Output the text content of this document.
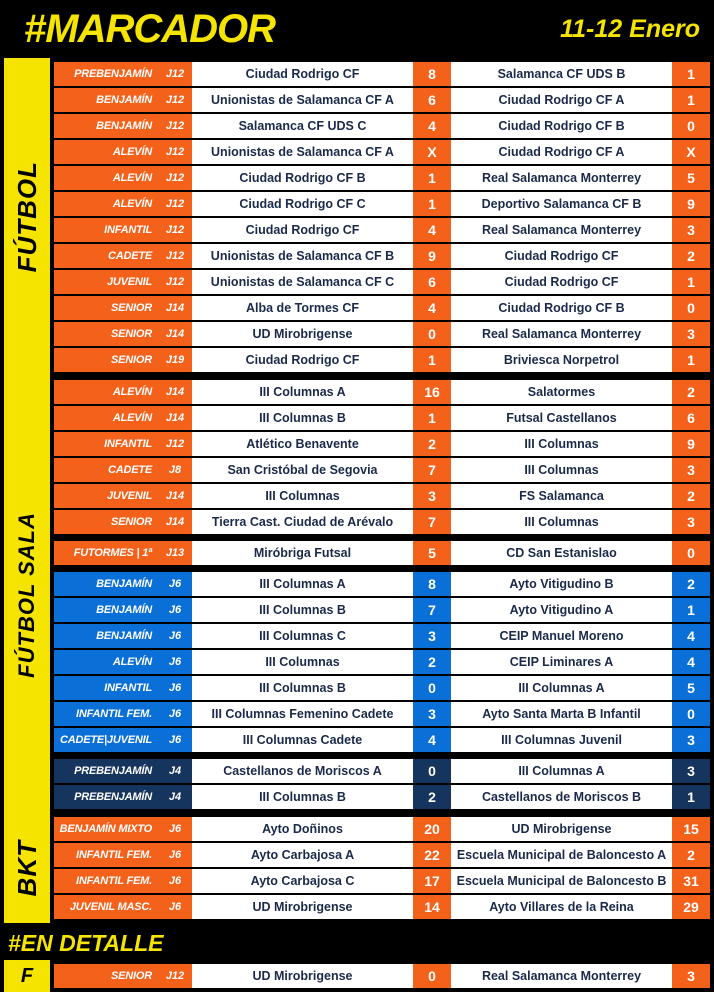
#MARCADOR	11-12 Enero
FÚTBOL
PREBENJAMÍN	J12	Ciudad Rodrigo CF	8	Salamanca CF UDS B	1
BENJAMÍN	J12	Unionistas de Salamanca CF A	6	Ciudad Rodrigo CF A	1
BENJAMÍN	J12	Salamanca CF UDS C	4	Ciudad Rodrigo CF B	0
ALEVÍN	J12	Unionistas de Salamanca CF A	X	Ciudad Rodrigo CF A	X
ALEVÍN	J12	Ciudad Rodrigo CF B	1	Real Salamanca Monterrey	5
ALEVÍN	J12	Ciudad Rodrigo CF C	1	Deportivo Salamanca CF B	9
INFANTIL	J12	Ciudad Rodrigo CF	4	Real Salamanca Monterrey	3
CADETE	J12	Unionistas de Salamanca CF B	9	Ciudad Rodrigo CF	2
JUVENIL	J12	Unionistas de Salamanca CF C	6	Ciudad Rodrigo CF	1
SENIOR	J14	Alba de Tormes CF	4	Ciudad Rodrigo CF B	0
SENIOR	J14	UD Mirobrigense	0	Real Salamanca Monterrey	3
SENIOR	J19	Ciudad Rodrigo CF	1	Briviesca Norpetrol	1
FÚTBOL SALA
ALEVÍN	J14	III Columnas A	16	Salatormes	2
ALEVÍN	J14	III Columnas B	1	Futsal Castellanos	6
INFANTIL	J12	Atlético Benavente	2	III Columnas	9
CADETE	J8	San Cristóbal de Segovia	7	III Columnas	3
JUVENIL	J14	III Columnas	3	FS Salamanca	2
SENIOR	J14	Tierra Cast. Ciudad de Arévalo	7	III Columnas	3
FUTORMES | 1ª	J13	Miróbriga Futsal	5	CD San Estanislao	0
BENJAMÍN	J6	III Columnas A	8	Ayto Vitigudino B	2
BENJAMÍN	J6	III Columnas B	7	Ayto Vitigudino A	1
BENJAMÍN	J6	III Columnas C	3	CEIP Manuel Moreno	4
ALEVÍN	J6	III Columnas	2	CEIP Liminares A	4
INFANTIL	J6	III Columnas B	0	III Columnas A	5
INFANTIL FEM.	J6	III Columnas Femenino Cadete	3	Ayto Santa Marta B Infantil	0
CADETE|JUVENIL	J6	III Columnas Cadete	4	III Columnas Juvenil	3
PREBENJAMÍN	J4	Castellanos de Moriscos A	0	III Columnas A	3
PREBENJAMÍN	J4	III Columnas B	2	Castellanos de Moriscos B	1
BKT
BENJAMÍN MIXTO	J6	Ayto Doñinos	20	UD Mirobrigense	15
INFANTIL FEM.	J6	Ayto Carbajosa A	22	Escuela Municipal de Baloncesto A	2
INFANTIL FEM.	J6	Ayto Carbajosa C	17	Escuela Municipal de Baloncesto B	31
JUVENIL MASC.	J6	UD Mirobrigense	14	Ayto Villares de la Reina	29
#EN DETALLE
F	SENIOR	J12	UD Mirobrigense	0	Real Salamanca Monterrey	3
